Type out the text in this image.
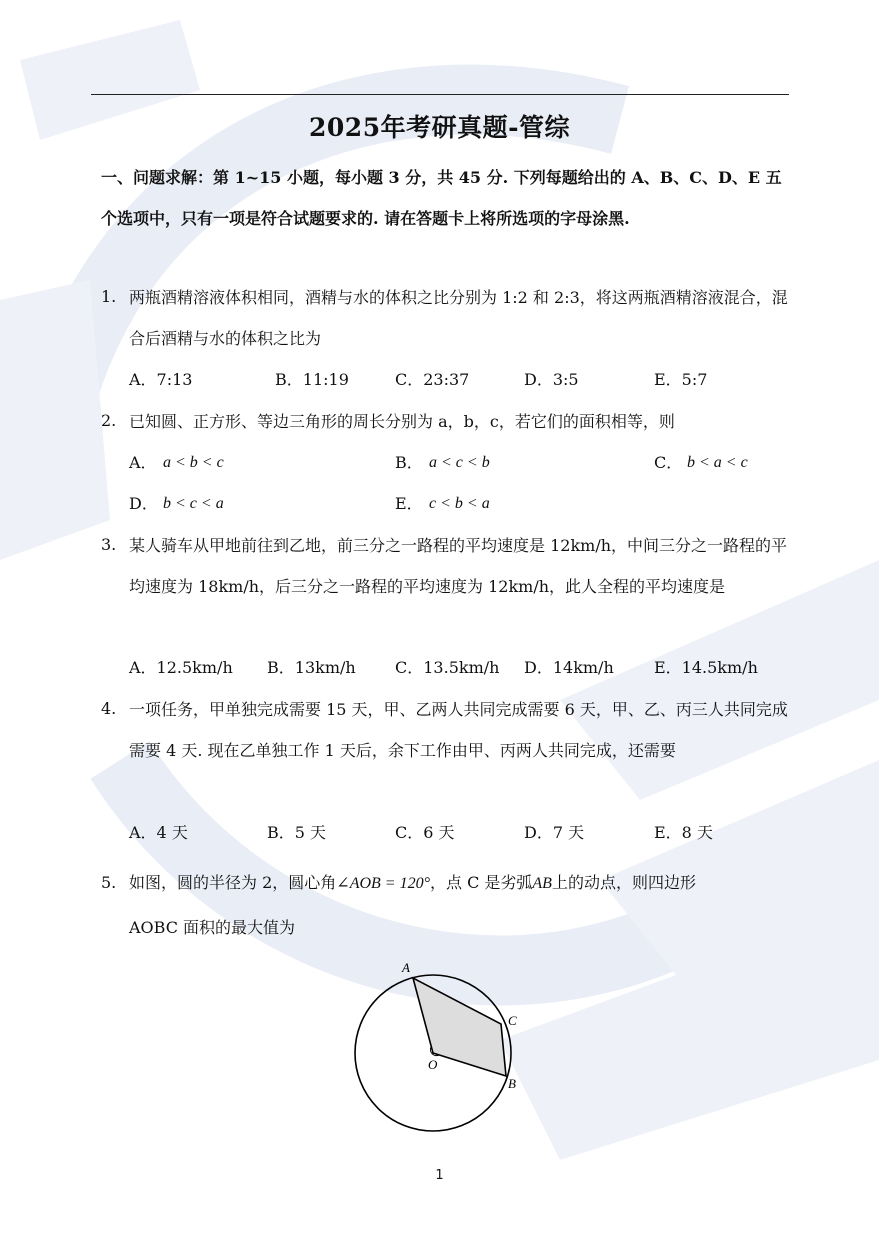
2025年考研真题-管综
一、问题求解：第 1~15 小题，每小题 3 分，共 45 分. 下列每题给出的 A、B、C、D、E 五个选项中，只有一项是符合试题要求的. 请在答题卡上将所选项的字母涂黑.
1. 两瓶酒精溶液体积相同，酒精与水的体积之比分别为 1:2 和 2:3，将这两瓶酒精溶液混合，混合后酒精与水的体积之比为
A．7:13	B．11:19	C．23:37	D．3:5	E．5:7
2. 已知圆、正方形、等边三角形的周长分别为 a，b，c，若它们的面积相等，则
A． a < b < c	B． a < c < b	C． b < a < c
D． b < c < a	E． c < b < a
3. 某人骑车从甲地前往到乙地，前三分之一路程的平均速度是 12km/h，中间三分之一路程的平均速度为 18km/h，后三分之一路程的平均速度为 12km/h，此人全程的平均速度是
A．12.5km/h B．13km/h C．13.5km/h D．14km/h	E．14.5km/h
4. 一项任务，甲单独完成需要 15 天，甲、乙两人共同完成需要 6 天，甲、乙、丙三人共同完成需要 4 天. 现在乙单独工作 1 天后，余下工作由甲、丙两人共同完成，还需要
A．4 天	B．5 天	C．6 天	D．7 天	E．8 天
5. 如图，圆的半径为 2，圆心角∠AOB = 120°，点 C 是劣弧AB上的动点，则四边形
AOBC 面积的最大值为
A
C
O
B
1
